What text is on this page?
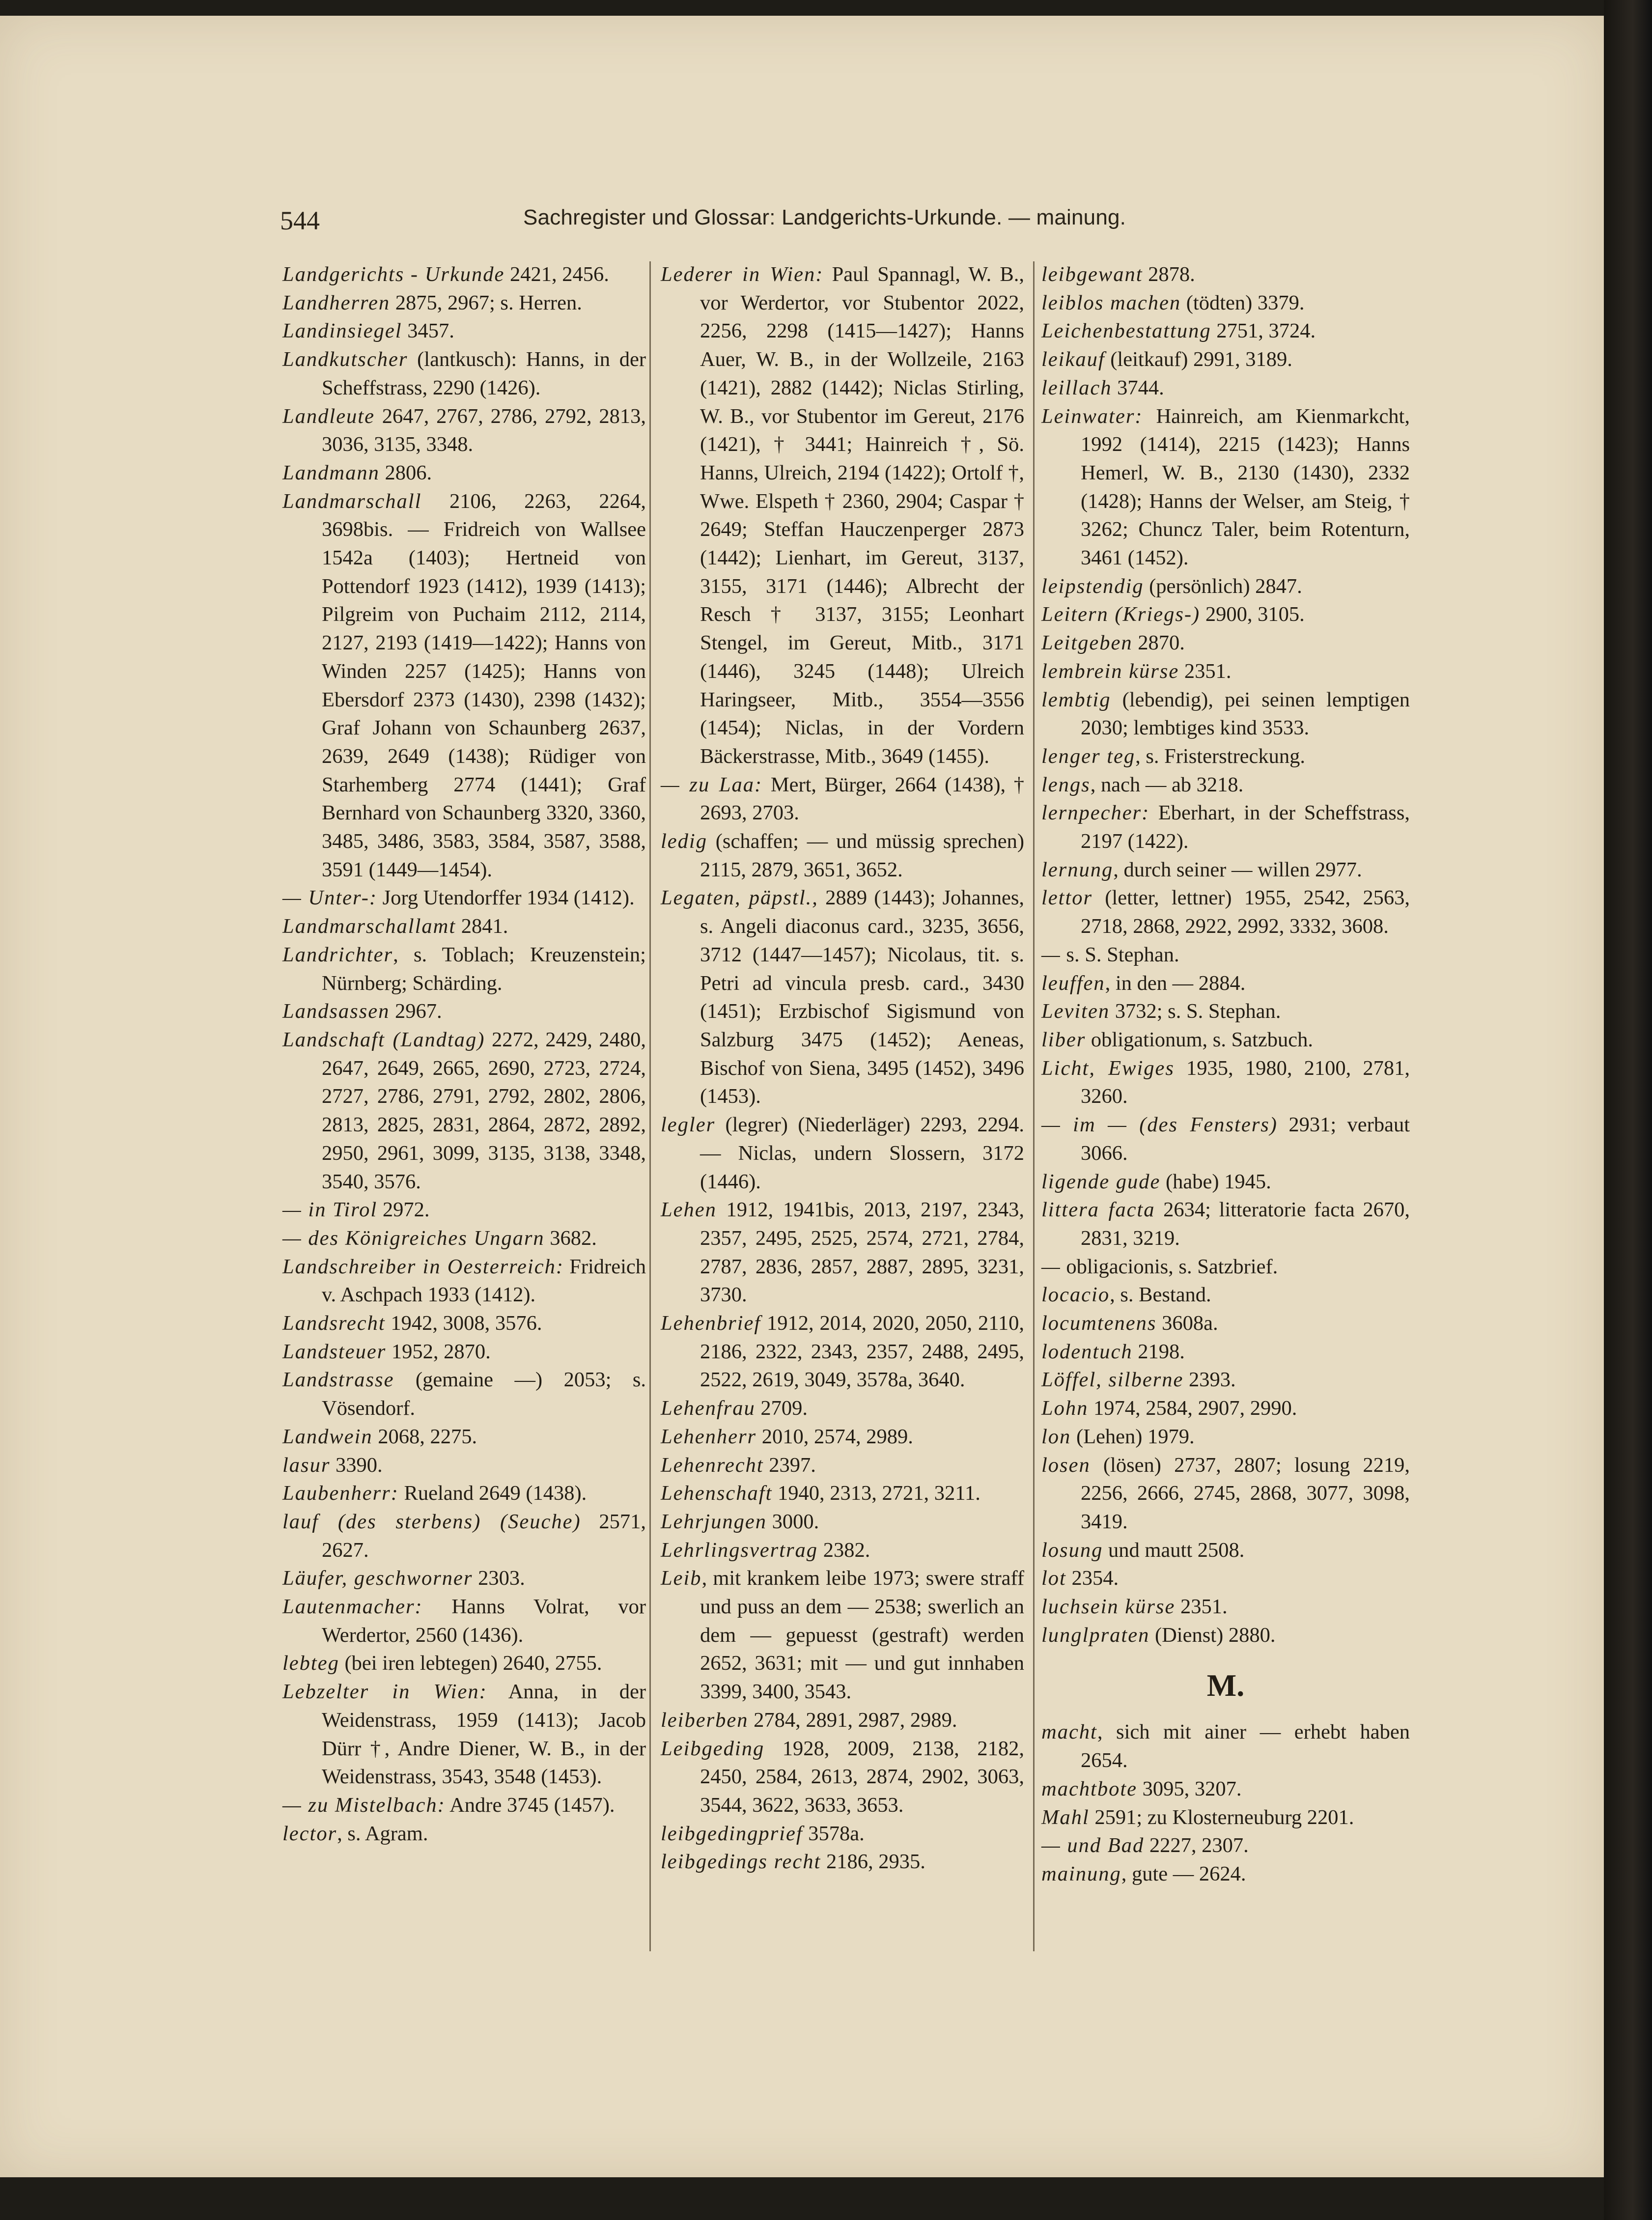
544	Sachregister und Glossar: Landgerichts-Urkunde. — mainung.

Landgerichts - Urkunde 2421, 2456.

Landherren 2875, 2967; s. Herren.

Landinsiegel 3457.

Landkutscher (lantkusch): Hanns, in der Scheffstrass, 2290 (1426).

Landleute 2647, 2767, 2786, 2792, 2813, 3036, 3135, 3348.

Landmann 2806.

Landmarschall 2106, 2263, 2264, 3698bis. — Fridreich von Wallsee 1542a (1403); Hertneid von Pottendorf 1923 (1412), 1939 (1413); Pilgreim von Puchaim 2112, 2114, 2127, 2193 (1419—1422); Hanns von Winden 2257 (1425); Hanns von Ebersdorf 2373 (1430), 2398 (1432); Graf Johann von Schaunberg 2637, 2639, 2649 (1438); Rüdiger von Starhemberg 2774 (1441); Graf Bernhard von Schaunberg 3320, 3360, 3485, 3486, 3583, 3584, 3587, 3588, 3591 (1449—1454).

— Unter-: Jorg Utendorffer 1934 (1412).

Landmarschallamt 2841.

Landrichter, s. Toblach; Kreuzenstein; Nürnberg; Schärding.

Landsassen 2967.

Landschaft (Landtag) 2272, 2429, 2480, 2647, 2649, 2665, 2690, 2723, 2724, 2727, 2786, 2791, 2792, 2802, 2806, 2813, 2825, 2831, 2864, 2872, 2892, 2950, 2961, 3099, 3135, 3138, 3348, 3540, 3576.

— in Tirol 2972.

— des Königreiches Ungarn 3682.

Landschreiber in Oesterreich: Fridreich v. Aschpach 1933 (1412).

Landsrecht 1942, 3008, 3576.

Landsteuer 1952, 2870.

Landstrasse (gemaine —) 2053; s. Vösendorf.

Landwein 2068, 2275.

lasur 3390.

Laubenherr: Rueland 2649 (1438).

lauf (des sterbens) (Seuche) 2571, 2627.

Läufer, geschworner 2303.

Lautenmacher: Hanns Volrat, vor Werdertor, 2560 (1436).

lebteg (bei iren lebtegen) 2640, 2755.

Lebzelter in Wien: Anna, in der Weidenstrass, 1959 (1413); Jacob Dürr †, Andre Diener, W. B., in der Weidenstrass, 3543, 3548 (1453).

— zu Mistelbach: Andre 3745 (1457).

lector, s. Agram.

Lederer in Wien: Paul Spannagl, W. B., vor Werdertor, vor Stubentor 2022, 2256, 2298 (1415—1427); Hanns Auer, W. B., in der Wollzeile, 2163 (1421), 2882 (1442); Niclas Stirling, W. B., vor Stubentor im Gereut, 2176 (1421), † 3441; Hainreich †, Sö. Hanns, Ulreich, 2194 (1422); Ortolf †, Wwe. Elspeth † 2360, 2904; Caspar † 2649; Steffan Hauczenperger 2873 (1442); Lienhart, im Gereut, 3137, 3155, 3171 (1446); Albrecht der Resch † 3137, 3155; Leonhart Stengel, im Gereut, Mitb., 3171 (1446), 3245 (1448); Ulreich Haringseer, Mitb., 3554—3556 (1454); Niclas, in der Vordern Bäckerstrasse, Mitb., 3649 (1455).

— zu Laa: Mert, Bürger, 2664 (1438), † 2693, 2703.

ledig (schaffen; — und müssig sprechen) 2115, 2879, 3651, 3652.

Legaten, päpstl., 2889 (1443); Johannes, s. Angeli diaconus card., 3235, 3656, 3712 (1447—1457); Nicolaus, tit. s. Petri ad vincula presb. card., 3430 (1451); Erzbischof Sigismund von Salzburg 3475 (1452); Aeneas, Bischof von Siena, 3495 (1452), 3496 (1453).

legler (legrer) (Niederläger) 2293, 2294. — Niclas, undern Slossern, 3172 (1446).

Lehen 1912, 1941bis, 2013, 2197, 2343, 2357, 2495, 2525, 2574, 2721, 2784, 2787, 2836, 2857, 2887, 2895, 3231, 3730.

Lehenbrief 1912, 2014, 2020, 2050, 2110, 2186, 2322, 2343, 2357, 2488, 2495, 2522, 2619, 3049, 3578a, 3640.

Lehenfrau 2709.

Lehenherr 2010, 2574, 2989.

Lehenrecht 2397.

Lehenschaft 1940, 2313, 2721, 3211.

Lehrjungen 3000.

Lehrlingsvertrag 2382.

Leib, mit krankem leibe 1973; swere straff und puss an dem — 2538; swerlich an dem — gepuesst (gestraft) werden 2652, 3631; mit — und gut innhaben 3399, 3400, 3543.

leiberben 2784, 2891, 2987, 2989.

Leibgeding 1928, 2009, 2138, 2182, 2450, 2584, 2613, 2874, 2902, 3063, 3544, 3622, 3633, 3653.

leibgedingprief 3578a.

leibgedings recht 2186, 2935.

leibgewant 2878.

leiblos machen (tödten) 3379.

Leichenbestattung 2751, 3724.

leikauf (leitkauf) 2991, 3189.

leillach 3744.

Leinwater: Hainreich, am Kienmarkcht, 1992 (1414), 2215 (1423); Hanns Hemerl, W. B., 2130 (1430), 2332 (1428); Hanns der Welser, am Steig, † 3262; Chuncz Taler, beim Rotenturn, 3461 (1452).

leipstendig (persönlich) 2847.

Leitern (Kriegs-) 2900, 3105.

Leitgeben 2870.

lembrein kürse 2351.

lembtig (lebendig), pei seinen lemptigen 2030; lembtiges kind 3533.

lenger teg, s. Fristerstreckung.

lengs, nach — ab 3218.

lernpecher: Eberhart, in der Scheffstrass, 2197 (1422).

lernung, durch seiner — willen 2977.

lettor (letter, lettner) 1955, 2542, 2563, 2718, 2868, 2922, 2992, 3332, 3608.

— s. S. Stephan.

leuffen, in den — 2884.

Leviten 3732; s. S. Stephan.

liber obligationum, s. Satzbuch.

Licht, Ewiges 1935, 1980, 2100, 2781, 3260.

— im — (des Fensters) 2931; verbaut 3066.

ligende gude (habe) 1945.

littera facta 2634; litteratorie facta 2670, 2831, 3219.

— obligacionis, s. Satzbrief.

locacio, s. Bestand.

locumtenens 3608a.

lodentuch 2198.

Löffel, silberne 2393.

Lohn 1974, 2584, 2907, 2990.

lon (Lehen) 1979.

losen (lösen) 2737, 2807; losung 2219, 2256, 2666, 2745, 2868, 3077, 3098, 3419.

losung und mautt 2508.

lot 2354.

luchsein kürse 2351.

lunglpraten (Dienst) 2880.

M.

macht, sich mit ainer — erhebt haben 2654.

machtbote 3095, 3207.

Mahl 2591; zu Klosterneuburg 2201.

— und Bad 2227, 2307.

mainung, gute — 2624.
